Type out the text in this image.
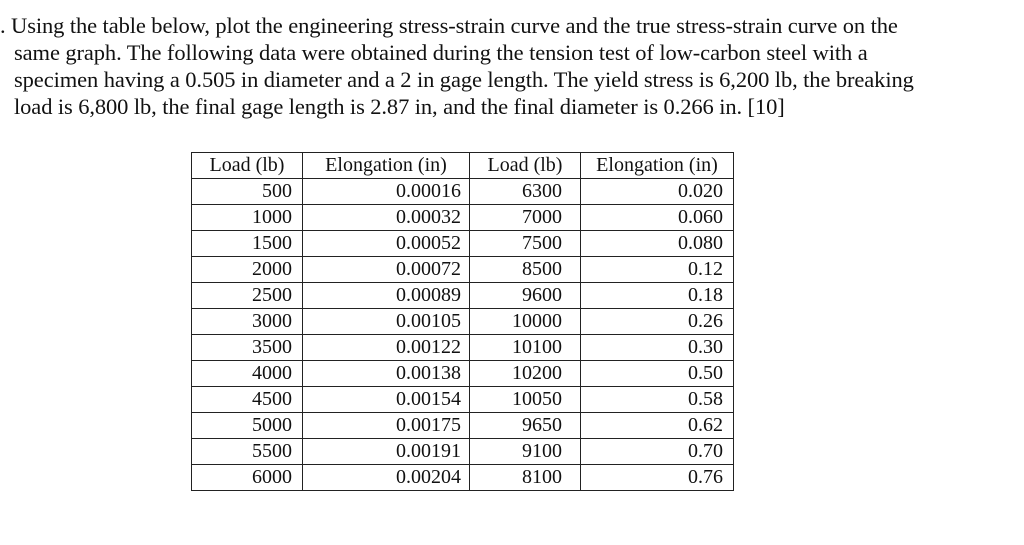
. Using the table below, plot the engineering stress-strain curve and the true stress-strain curve on the
same graph. The following data were obtained during the tension test of low-carbon steel with a
specimen having a 0.505 in diameter and a 2 in gage length. The yield stress is 6,200 lb, the breaking
load is 6,800 lb, the final gage length is 2.87 in, and the final diameter is 0.266 in. [10]
Load (lb)	Elongation (in)	Load (lb)	Elongation (in)
500	0.00016	6300	0.020
1000	0.00032	7000	0.060
1500	0.00052	7500	0.080
2000	0.00072	8500	0.12
2500	0.00089	9600	0.18
3000	0.00105	10000	0.26
3500	0.00122	10100	0.30
4000	0.00138	10200	0.50
4500	0.00154	10050	0.58
5000	0.00175	9650	0.62
5500	0.00191	9100	0.70
6000	0.00204	8100	0.76
